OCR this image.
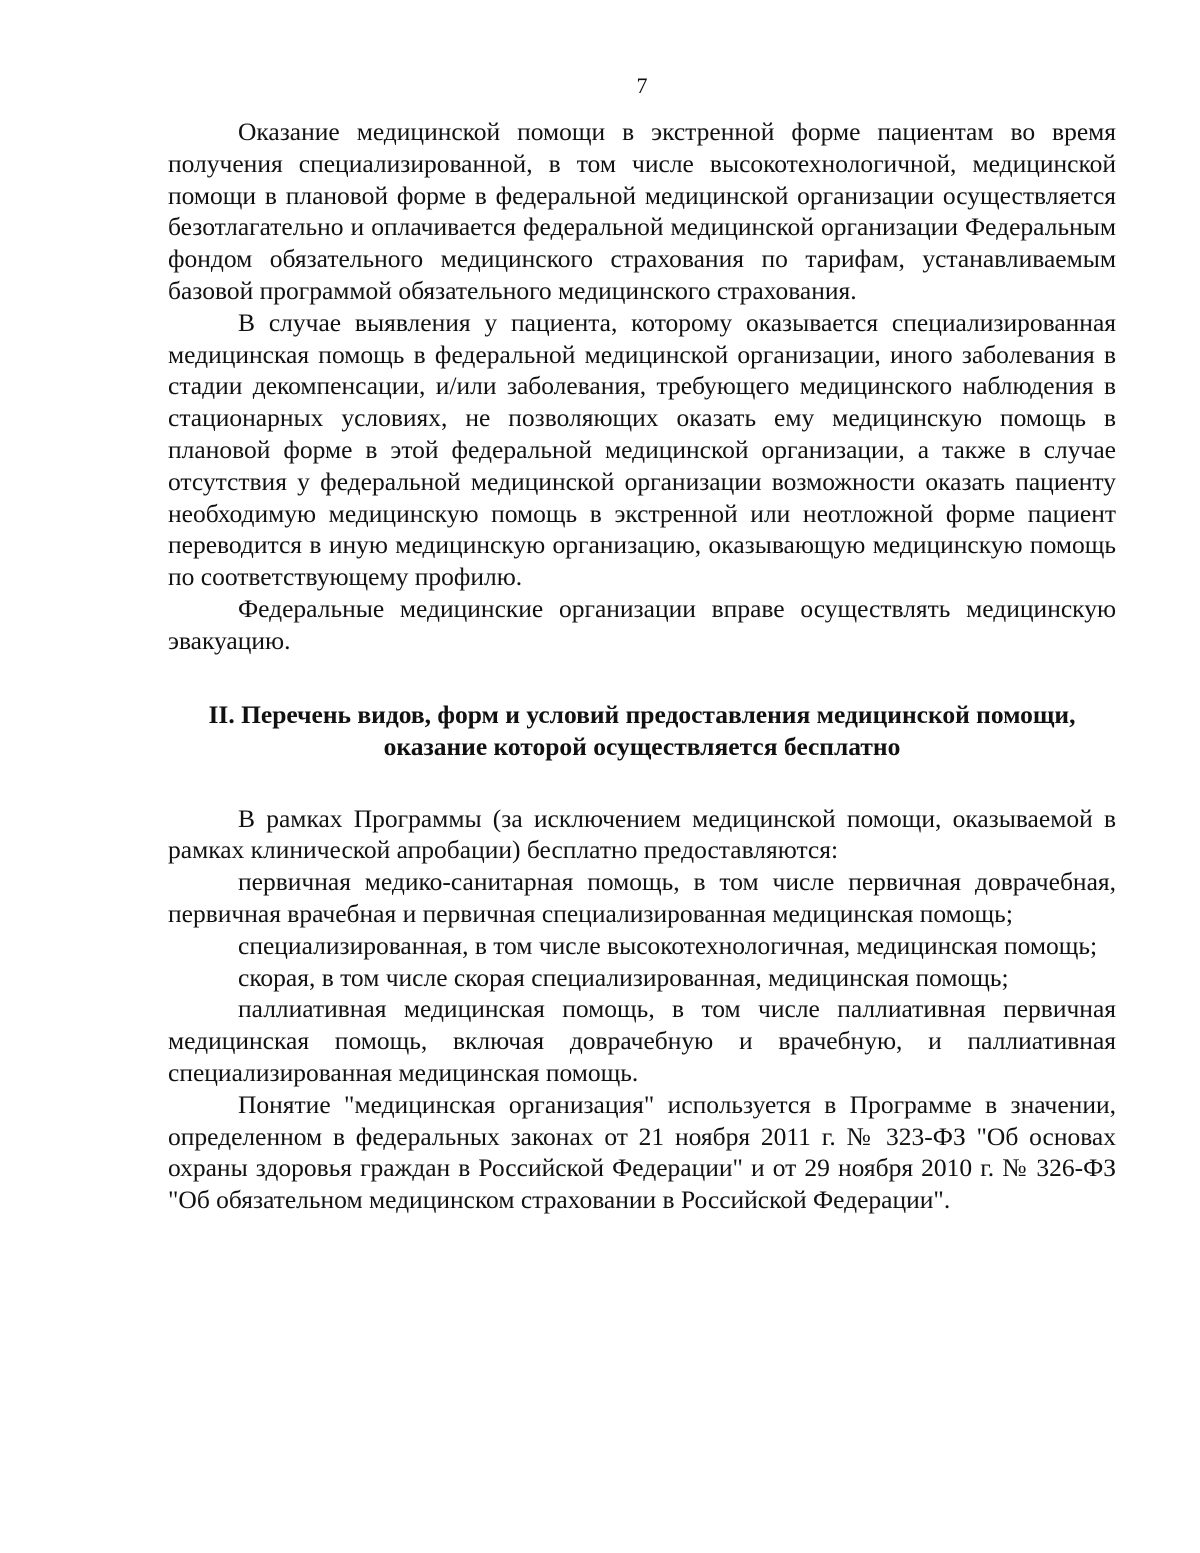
7

Оказание медицинской помощи в экстренной форме пациентам во время получения специализированной, в том числе высокотехнологичной, медицинской помощи в плановой форме в федеральной медицинской организации осуществляется безотлагательно и оплачивается федеральной медицинской организации Федеральным фондом обязательного медицинского страхования по тарифам, устанавливаемым базовой программой обязательного медицинского страхования.

В случае выявления у пациента, которому оказывается специализированная медицинская помощь в федеральной медицинской организации, иного заболевания в стадии декомпенсации, и/или заболевания, требующего медицинского наблюдения в стационарных условиях, не позволяющих оказать ему медицинскую помощь в плановой форме в этой федеральной медицинской организации, а также в случае отсутствия у федеральной медицинской организации возможности оказать пациенту необходимую медицинскую помощь в экстренной или неотложной форме пациент переводится в иную медицинскую организацию, оказывающую медицинскую помощь по соответствующему профилю.

Федеральные медицинские организации вправе осуществлять медицинскую эвакуацию.

II. Перечень видов, форм и условий предоставления медицинской помощи,
оказание которой осуществляется бесплатно

В рамках Программы (за исключением медицинской помощи, оказываемой в рамках клинической апробации) бесплатно предоставляются:

первичная медико-санитарная помощь, в том числе первичная доврачебная, первичная врачебная и первичная специализированная медицинская помощь;

специализированная, в том числе высокотехнологичная, медицинская помощь;

скорая, в том числе скорая специализированная, медицинская помощь;

паллиативная медицинская помощь, в том числе паллиативная первичная медицинская помощь, включая доврачебную и врачебную, и паллиативная специализированная медицинская помощь.

Понятие "медицинская организация" используется в Программе в значении, определенном в федеральных законах от 21 ноября 2011 г. № 323-ФЗ "Об основах охраны здоровья граждан в Российской Федерации" и от 29 ноября 2010 г. № 326-ФЗ "Об обязательном медицинском страховании в Российской Федерации".
